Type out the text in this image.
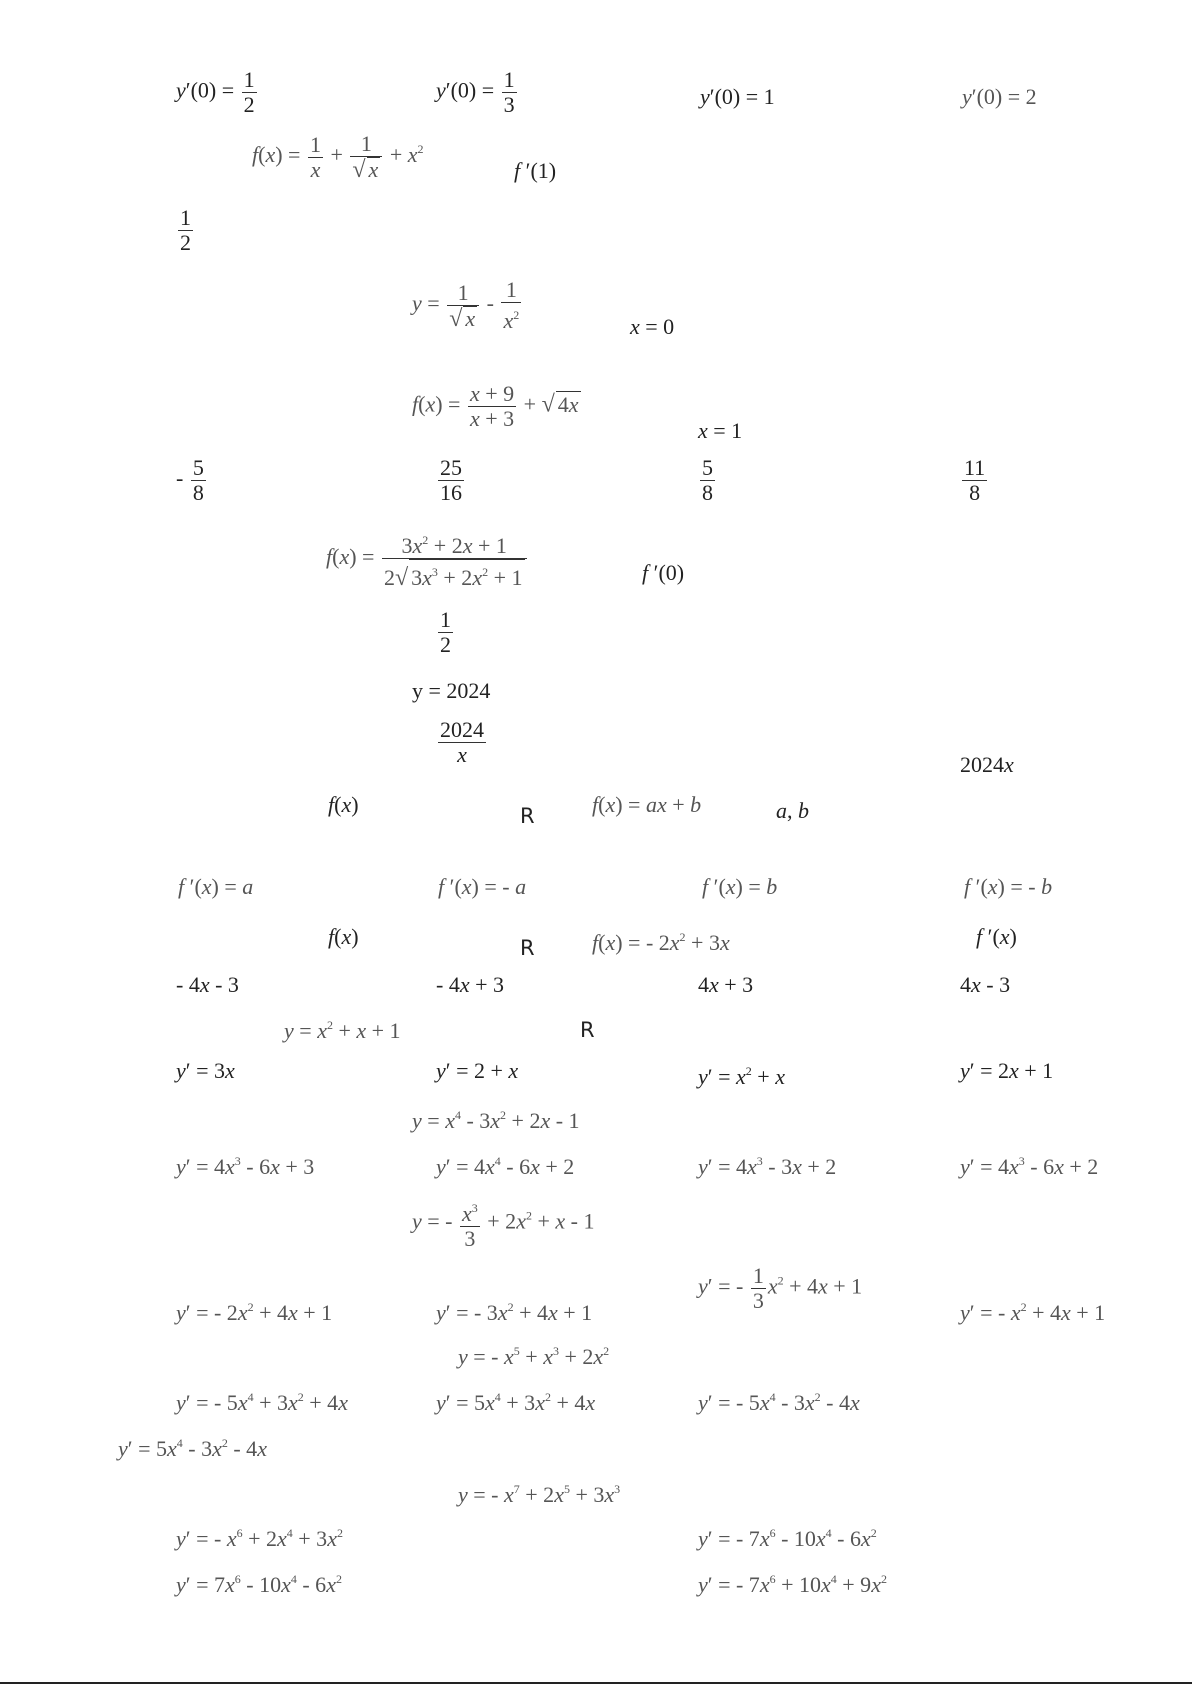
$y'(0) = \frac{1}{2}$	$y'(0) = \frac{1}{3}$	y′(0) = 1	y′(0) = 2
$f(x) = \frac{1}{x} + \frac{1}{√ x} + x^2$
f ′(1)
$\frac{1}{2}$
$y = \frac{1}{√ x} - \frac{1}{x^2}$	x = 0
$f(x) = \frac{x + 9}{x + 3}$ + √ 4x
x = 1
- $\frac{5}{8}$	$\frac{25}{16}$	$\frac{5}{8}$	$\frac{11}{8}$
$f(x) = \frac{3x^2 + 2x + 1}{2√ 3x^3 + 2x^2 + 1}$	f ′(0)
$\frac{1}{2}$
y = 2024
$\frac{2024}{x}$	2024x
f(x)	R	f(x) = ax + b	a, b
f ′(x) = a	f ′(x) = - a	f ′(x) = b	f ′(x) = - b
f(x)	R	f(x) = - $2x^2 + 3x$	f ′(x)
- 4x - 3	- 4x + 3	4x + 3	4x - 3
$y = x^2 + x + 1$	R
y′ = 3x	y′ = 2 + x	$y' = x^2 + x$	y′ = 2x + 1
$y = x^4 - 3x^2 + 2x - 1$
$y' = 4x^3 - 6x + 3$	$y' = 4x^4 - 6x + 2$	$y' = 4x^3 - 3x + 2$	$y' = 4x^3 - 6x + 2$
y = - $\frac{x^3}{3} + 2x^2 + x - 1$
y′ = - $2x^2 + 4x + 1$	y′ = - $3x^2 + 4x + 1$
y′ = - $\frac{1}{3} x^2 + 4x + 1$
y′ = - $x^2 + 4x + 1$
y = - $x^5 + x^3 + 2x^2$
y′ = - $5x^4 + 3x^2 + 4x$	$y' = 5x^4 + 3x^2 + 4x$	y′ = - $5x^4 - 3x^2 - 4x$
$y' = 5x^4 - 3x^2 - 4x$
y = - $x^7 + 2x^5 + 3x^3$
y′ = - $x^6 + 2x^4 + 3x^2$	y′ = - $7x^6 - 10x^4 - 6x^2$
$y' = 7x^6 - 10x^4 - 6x^2$	y′ = - $7x^6 + 10x^4 + 9x^2$
